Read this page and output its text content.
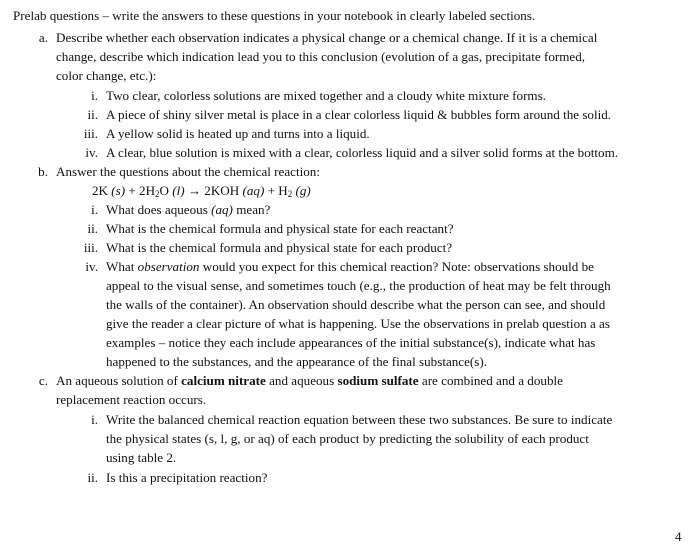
Prelab questions – write the answers to these questions in your notebook in clearly labeled sections.
a. Describe whether each observation indicates a physical change or a chemical change. If it is a chemical
change, describe which indication lead you to this conclusion (evolution of a gas, precipitate formed,
color change, etc.):
i. Two clear, colorless solutions are mixed together and a cloudy white mixture forms.
ii. A piece of shiny silver metal is place in a clear colorless liquid & bubbles form around the solid.
iii. A yellow solid is heated up and turns into a liquid.
iv. A clear, blue solution is mixed with a clear, colorless liquid and a silver solid forms at the bottom.
b. Answer the questions about the chemical reaction:
2K $(s) + 2H_2O$ (l) → 2KOH $(aq) + H_2$ (g)
i. What does aqueous (aq) mean?
ii. What is the chemical formula and physical state for each reactant?
iii. What is the chemical formula and physical state for each product?
iv. What observation would you expect for this chemical reaction? Note: observations should be
appeal to the visual sense, and sometimes touch (e.g., the production of heat may be felt through
the walls of the container). An observation should describe what the person can see, and should
give the reader a clear picture of what is happening. Use the observations in prelab question a as
examples – notice they each include appearances of the initial substance(s), indicate what has
happened to the substances, and the appearance of the final substance(s).
c. An aqueous solution of calcium nitrate and aqueous sodium sulfate are combined and a double
replacement reaction occurs.
i. Write the balanced chemical reaction equation between these two substances. Be sure to indicate
the physical states (s, l, g, or aq) of each product by predicting the solubility of each product
using table 2.
ii. Is this a precipitation reaction?
4
